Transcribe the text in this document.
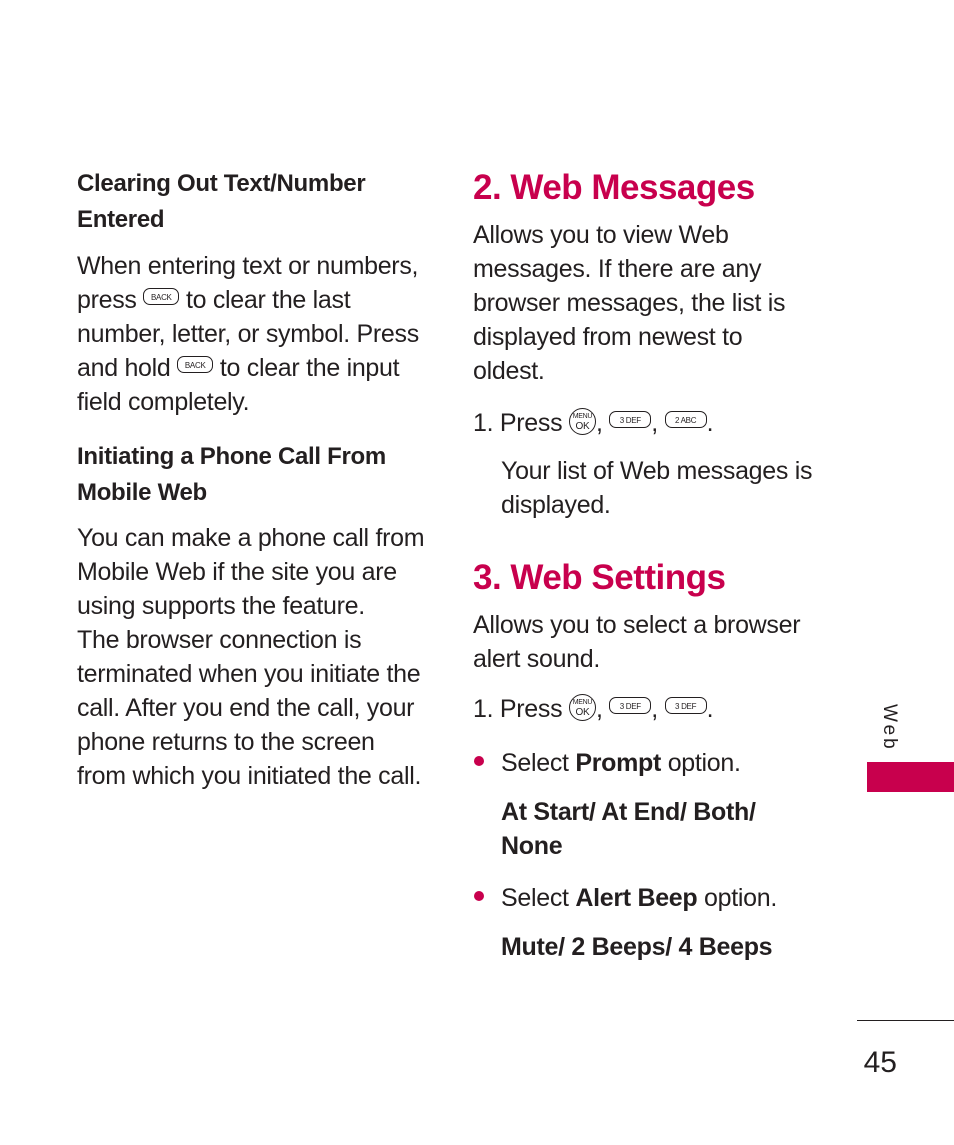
Clearing Out Text/Number Entered

When entering text or numbers, press BACK to clear the last number, letter, or symbol. Press and hold BACK to clear the input field completely.

Initiating a Phone Call From Mobile Web

You can make a phone call from Mobile Web if the site you are using supports the feature.

The browser connection is terminated when you initiate the call. After you end the call, your phone returns to the screen from which you initiated the call.

2. Web Messages

Allows you to view Web messages. If there are any browser messages, the list is displayed from newest to oldest.

1. Press MENU
OK , 3 DEF , 2 ABC .

Your list of Web messages is displayed.

3. Web Settings

Allows you to select a browser alert sound.

1. Press MENU
OK , 3 DEF , 3 DEF .

Select Prompt option.

At Start/ At End/ Both/ None

Select Alert Beep option.

Mute/ 2 Beeps/ 4 Beeps

Web
45
